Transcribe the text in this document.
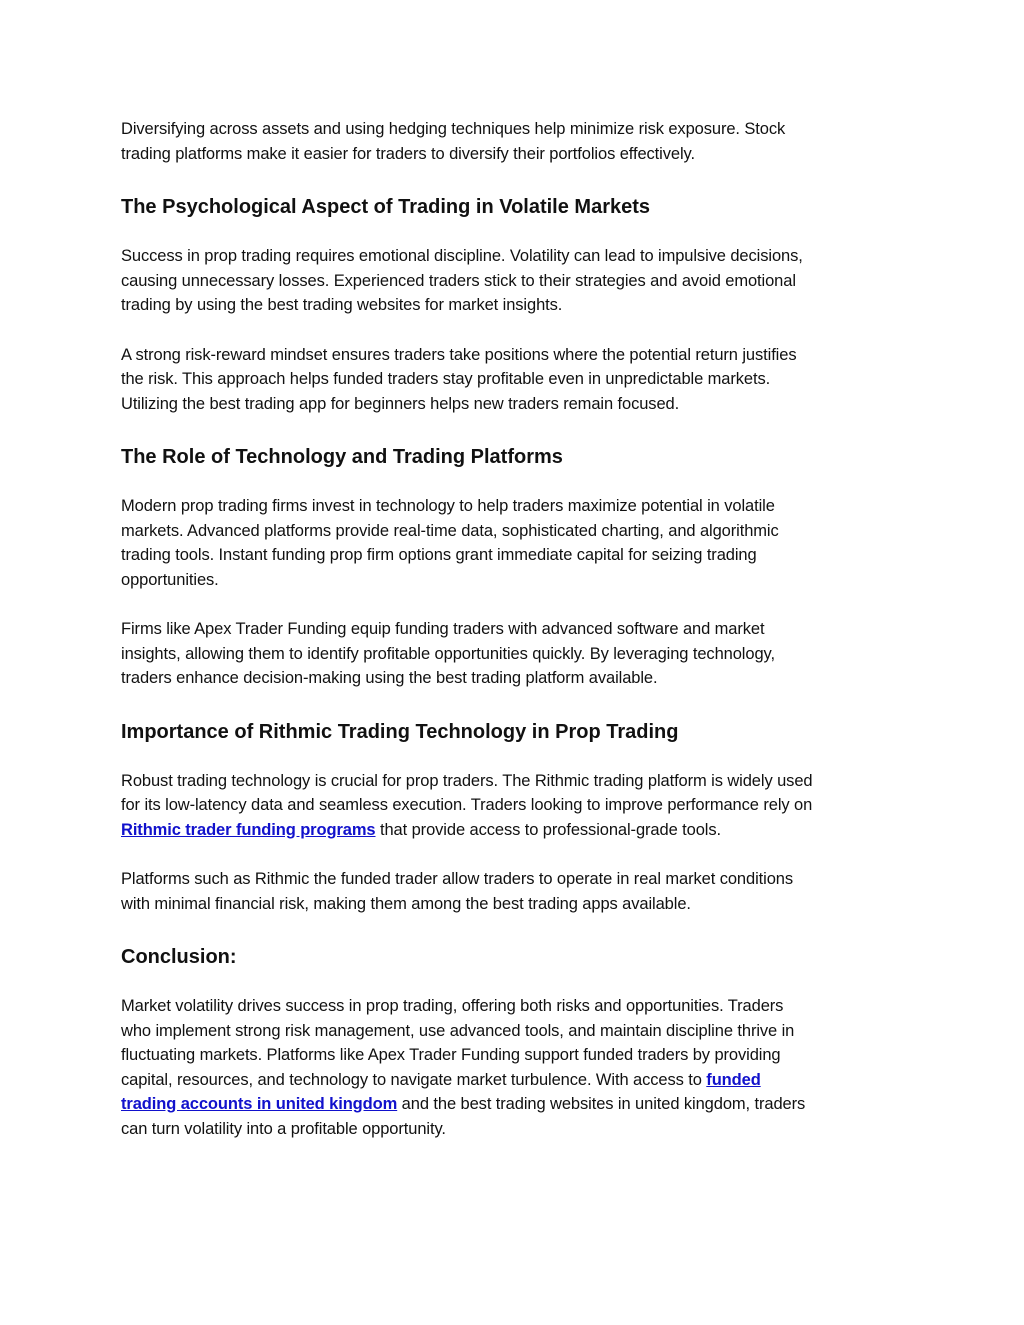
Diversifying across assets and using hedging techniques help minimize risk exposure. Stock
trading platforms make it easier for traders to diversify their portfolios effectively.
The Psychological Aspect of Trading in Volatile Markets
Success in prop trading requires emotional discipline. Volatility can lead to impulsive decisions,
causing unnecessary losses. Experienced traders stick to their strategies and avoid emotional
trading by using the best trading websites for market insights.
A strong risk-reward mindset ensures traders take positions where the potential return justifies
the risk. This approach helps funded traders stay profitable even in unpredictable markets.
Utilizing the best trading app for beginners helps new traders remain focused.
The Role of Technology and Trading Platforms
Modern prop trading firms invest in technology to help traders maximize potential in volatile
markets. Advanced platforms provide real-time data, sophisticated charting, and algorithmic
trading tools. Instant funding prop firm options grant immediate capital for seizing trading
opportunities.
Firms like Apex Trader Funding equip funding traders with advanced software and market
insights, allowing them to identify profitable opportunities quickly. By leveraging technology,
traders enhance decision-making using the best trading platform available.
Importance of Rithmic Trading Technology in Prop Trading
Robust trading technology is crucial for prop traders. The Rithmic trading platform is widely used
for its low-latency data and seamless execution. Traders looking to improve performance rely on
Rithmic trader funding programs that provide access to professional-grade tools.
Platforms such as Rithmic the funded trader allow traders to operate in real market conditions
with minimal financial risk, making them among the best trading apps available.
Conclusion:
Market volatility drives success in prop trading, offering both risks and opportunities. Traders
who implement strong risk management, use advanced tools, and maintain discipline thrive in
fluctuating markets. Platforms like Apex Trader Funding support funded traders by providing
capital, resources, and technology to navigate market turbulence. With access to funded
trading accounts in united kingdom and the best trading websites in united kingdom, traders
can turn volatility into a profitable opportunity.
